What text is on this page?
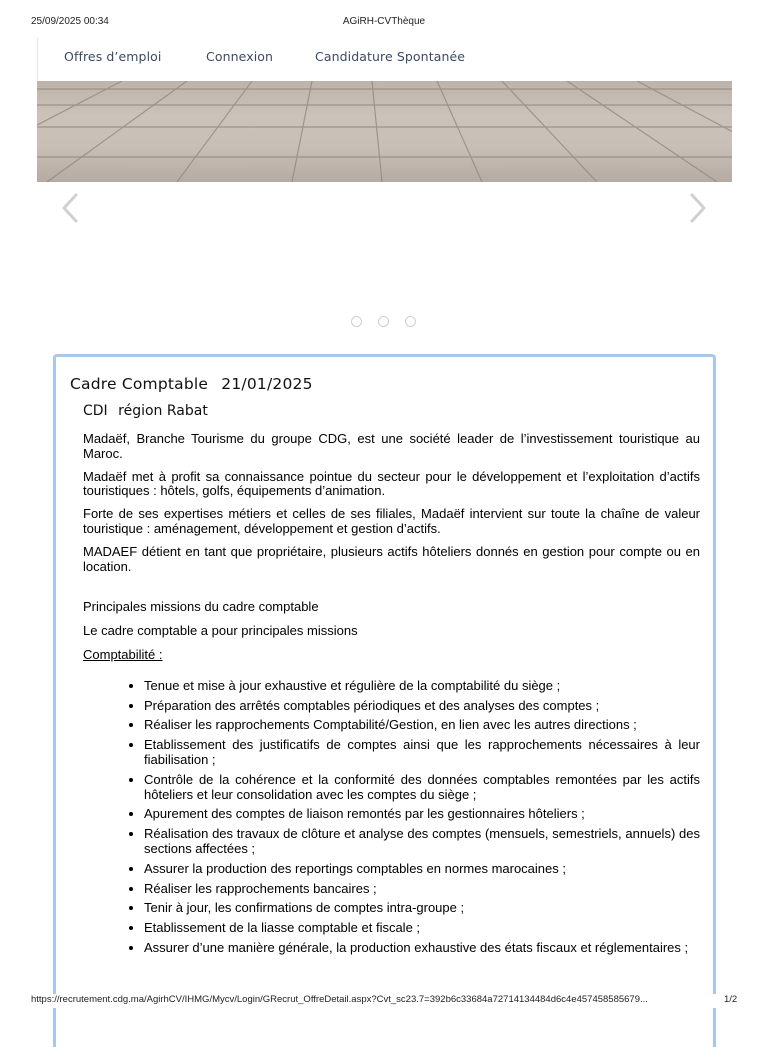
25/09/2025 00:34	AGiRH-CVThèque
Offres d’emploi	Connexion	Candidature Spontanée
Cadre Comptable 21/01/2025
CDI région Rabat

Madaëf, Branche Tourisme du groupe CDG, est une société leader de l’investissement touristique au Maroc.

Madaëf met à profit sa connaissance pointue du secteur pour le développement et l’exploitation d’actifs touristiques : hôtels, golfs, équipements d’animation.

Forte de ses expertises métiers et celles de ses filiales, Madaëf intervient sur toute la chaîne de valeur touristique : aménagement, développement et gestion d’actifs.

MADAEF détient en tant que propriétaire, plusieurs actifs hôteliers donnés en gestion pour compte ou en location.

Principales missions du cadre comptable

Le cadre comptable a pour principales missions

Comptabilité :

• Tenue et mise à jour exhaustive et régulière de la comptabilité du siège ;
• Préparation des arrêtés comptables périodiques et des analyses des comptes ;
• Réaliser les rapprochements Comptabilité/Gestion, en lien avec les autres directions ;
• Etablissement des justificatifs de comptes ainsi que les rapprochements nécessaires à leur fiabilisation ;
• Contrôle de la cohérence et la conformité des données comptables remontées par les actifs hôteliers et leur consolidation avec les comptes du siège ;
• Apurement des comptes de liaison remontés par les gestionnaires hôteliers ;
• Réalisation des travaux de clôture et analyse des comptes (mensuels, semestriels, annuels) des sections affectées ;
• Assurer la production des reportings comptables en normes marocaines ;
• Réaliser les rapprochements bancaires ;
• Tenir à jour, les confirmations de comptes intra-groupe ;
• Etablissement de la liasse comptable et fiscale ;
• Assurer d’une manière générale, la production exhaustive des états fiscaux et réglementaires ;
https://recrutement.cdg.ma/AgirhCV/IHMG/Mycv/Login/GRecrut_OffreDetail.aspx?Cvt_sc23.7=392b6c33684a72714134484d6c4e457458585679...	1/2
